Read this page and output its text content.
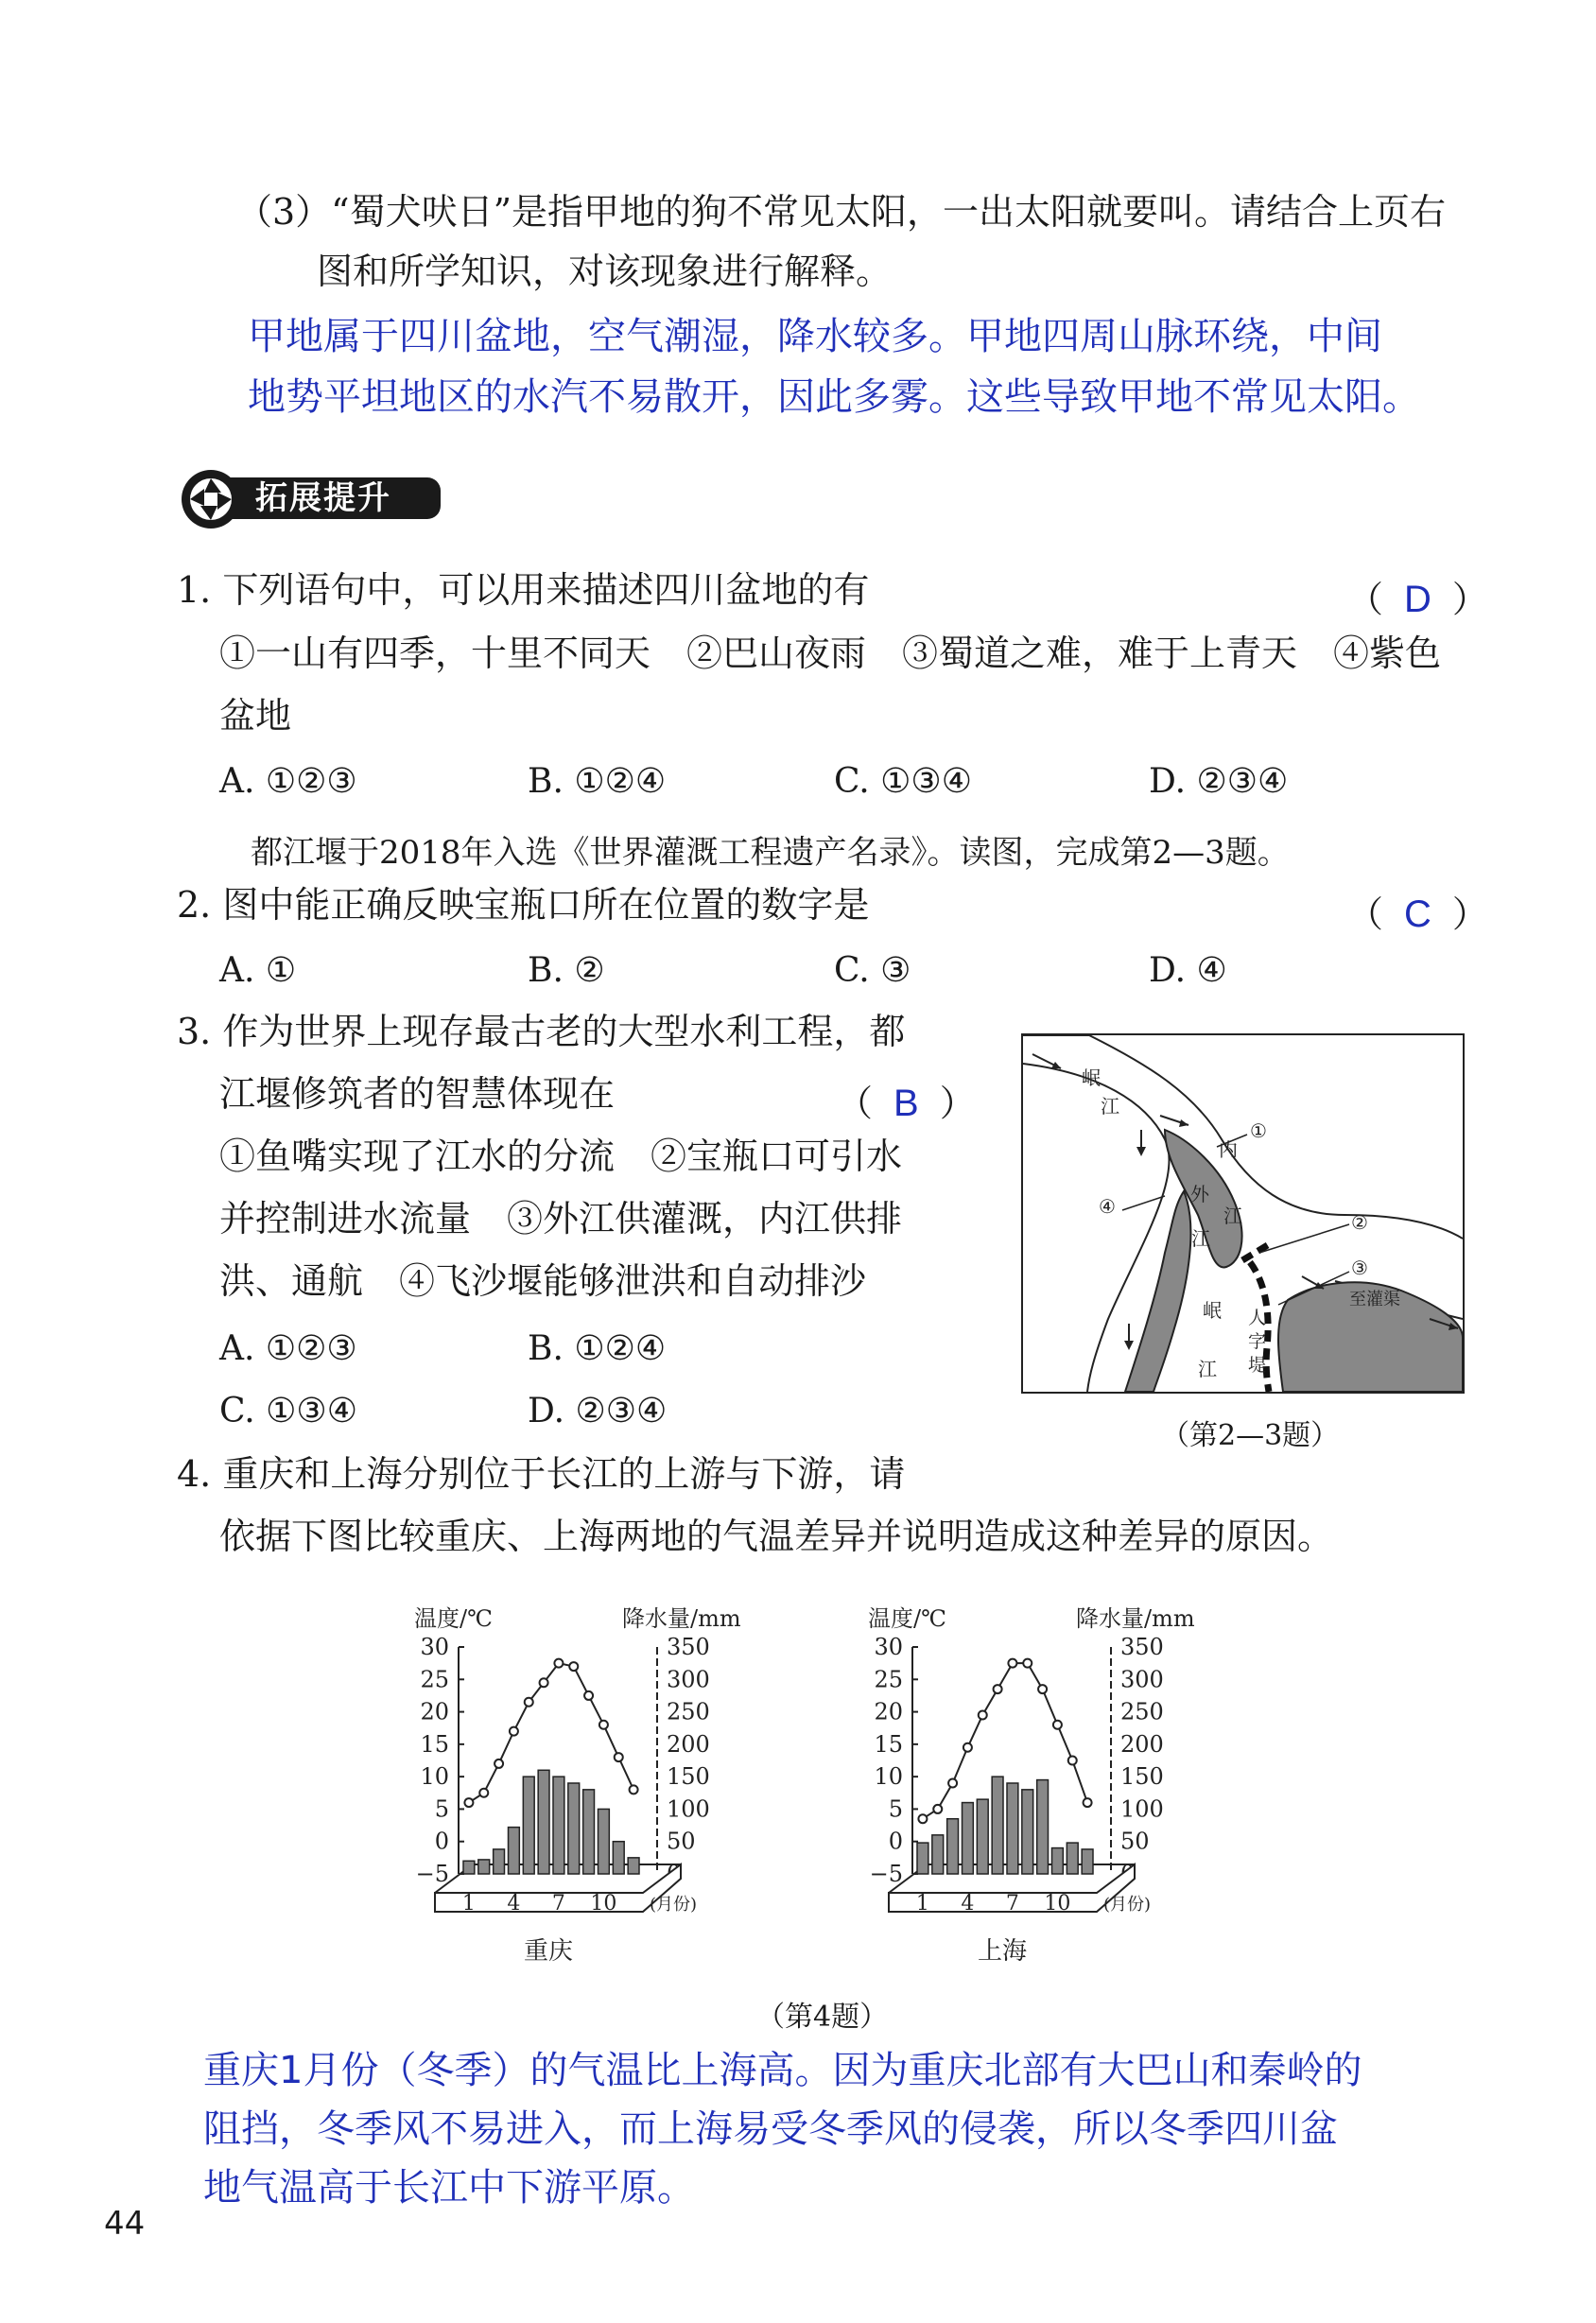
（3）“蜀犬吠日”是指甲地的狗不常见太阳，一出太阳就要叫。请结合上页右
图和所学知识，对该现象进行解释。
甲地属于四川盆地，空气潮湿，降水较多。甲地四周山脉环绕，中间
地势平坦地区的水汽不易散开，因此多雾。这些导致甲地不常见太阳。
拓展提升
1. 下列语句中，可以用来描述四川盆地的有	（ D ）
①一山有四季，十里不同天　②巴山夜雨　③蜀道之难，难于上青天　④紫色
盆地
A. ①②③	B. ①②④	C. ①③④	D. ②③④
都江堰于2018年入选《世界灌溉工程遗产名录》。读图，完成第2—3题。
2. 图中能正确反映宝瓶口所在位置的数字是	（ C ）
A. ①	B. ②	C. ③	D. ④
3. 作为世界上现存最古老的大型水利工程，都
江堰修筑者的智慧体现在	（ B ）
①鱼嘴实现了江水的分流　②宝瓶口可引水
并控制进水流量　③外江供灌溉，内江供排
洪、通航　④飞沙堰能够泄洪和自动排沙
A. ①②③	B. ①②④
C. ①③④	D. ②③④
岷
江
①
内
江
④
外
江
②
③
至灌渠
岷
江
人
字
堤
（第2—3题）
4. 重庆和上海分别位于长江的上游与下游，请
依据下图比较重庆、上海两地的气温差异并说明造成这种差异的原因。
温度/℃	降水量/mm
30
25
20
15
10
5
0
−5
350
300
250
200
150
100
50
1 4 7 10 (月份)
重庆
温度/℃	降水量/mm
30
25
20
15
10
5
0
−5
350
300
250
200
150
100
50
1 4 7 10 (月份)
上海
（第4题）
重庆1月份（冬季）的气温比上海高。因为重庆北部有大巴山和秦岭的
阻挡，冬季风不易进入，而上海易受冬季风的侵袭，所以冬季四川盆
地气温高于长江中下游平原。
44
